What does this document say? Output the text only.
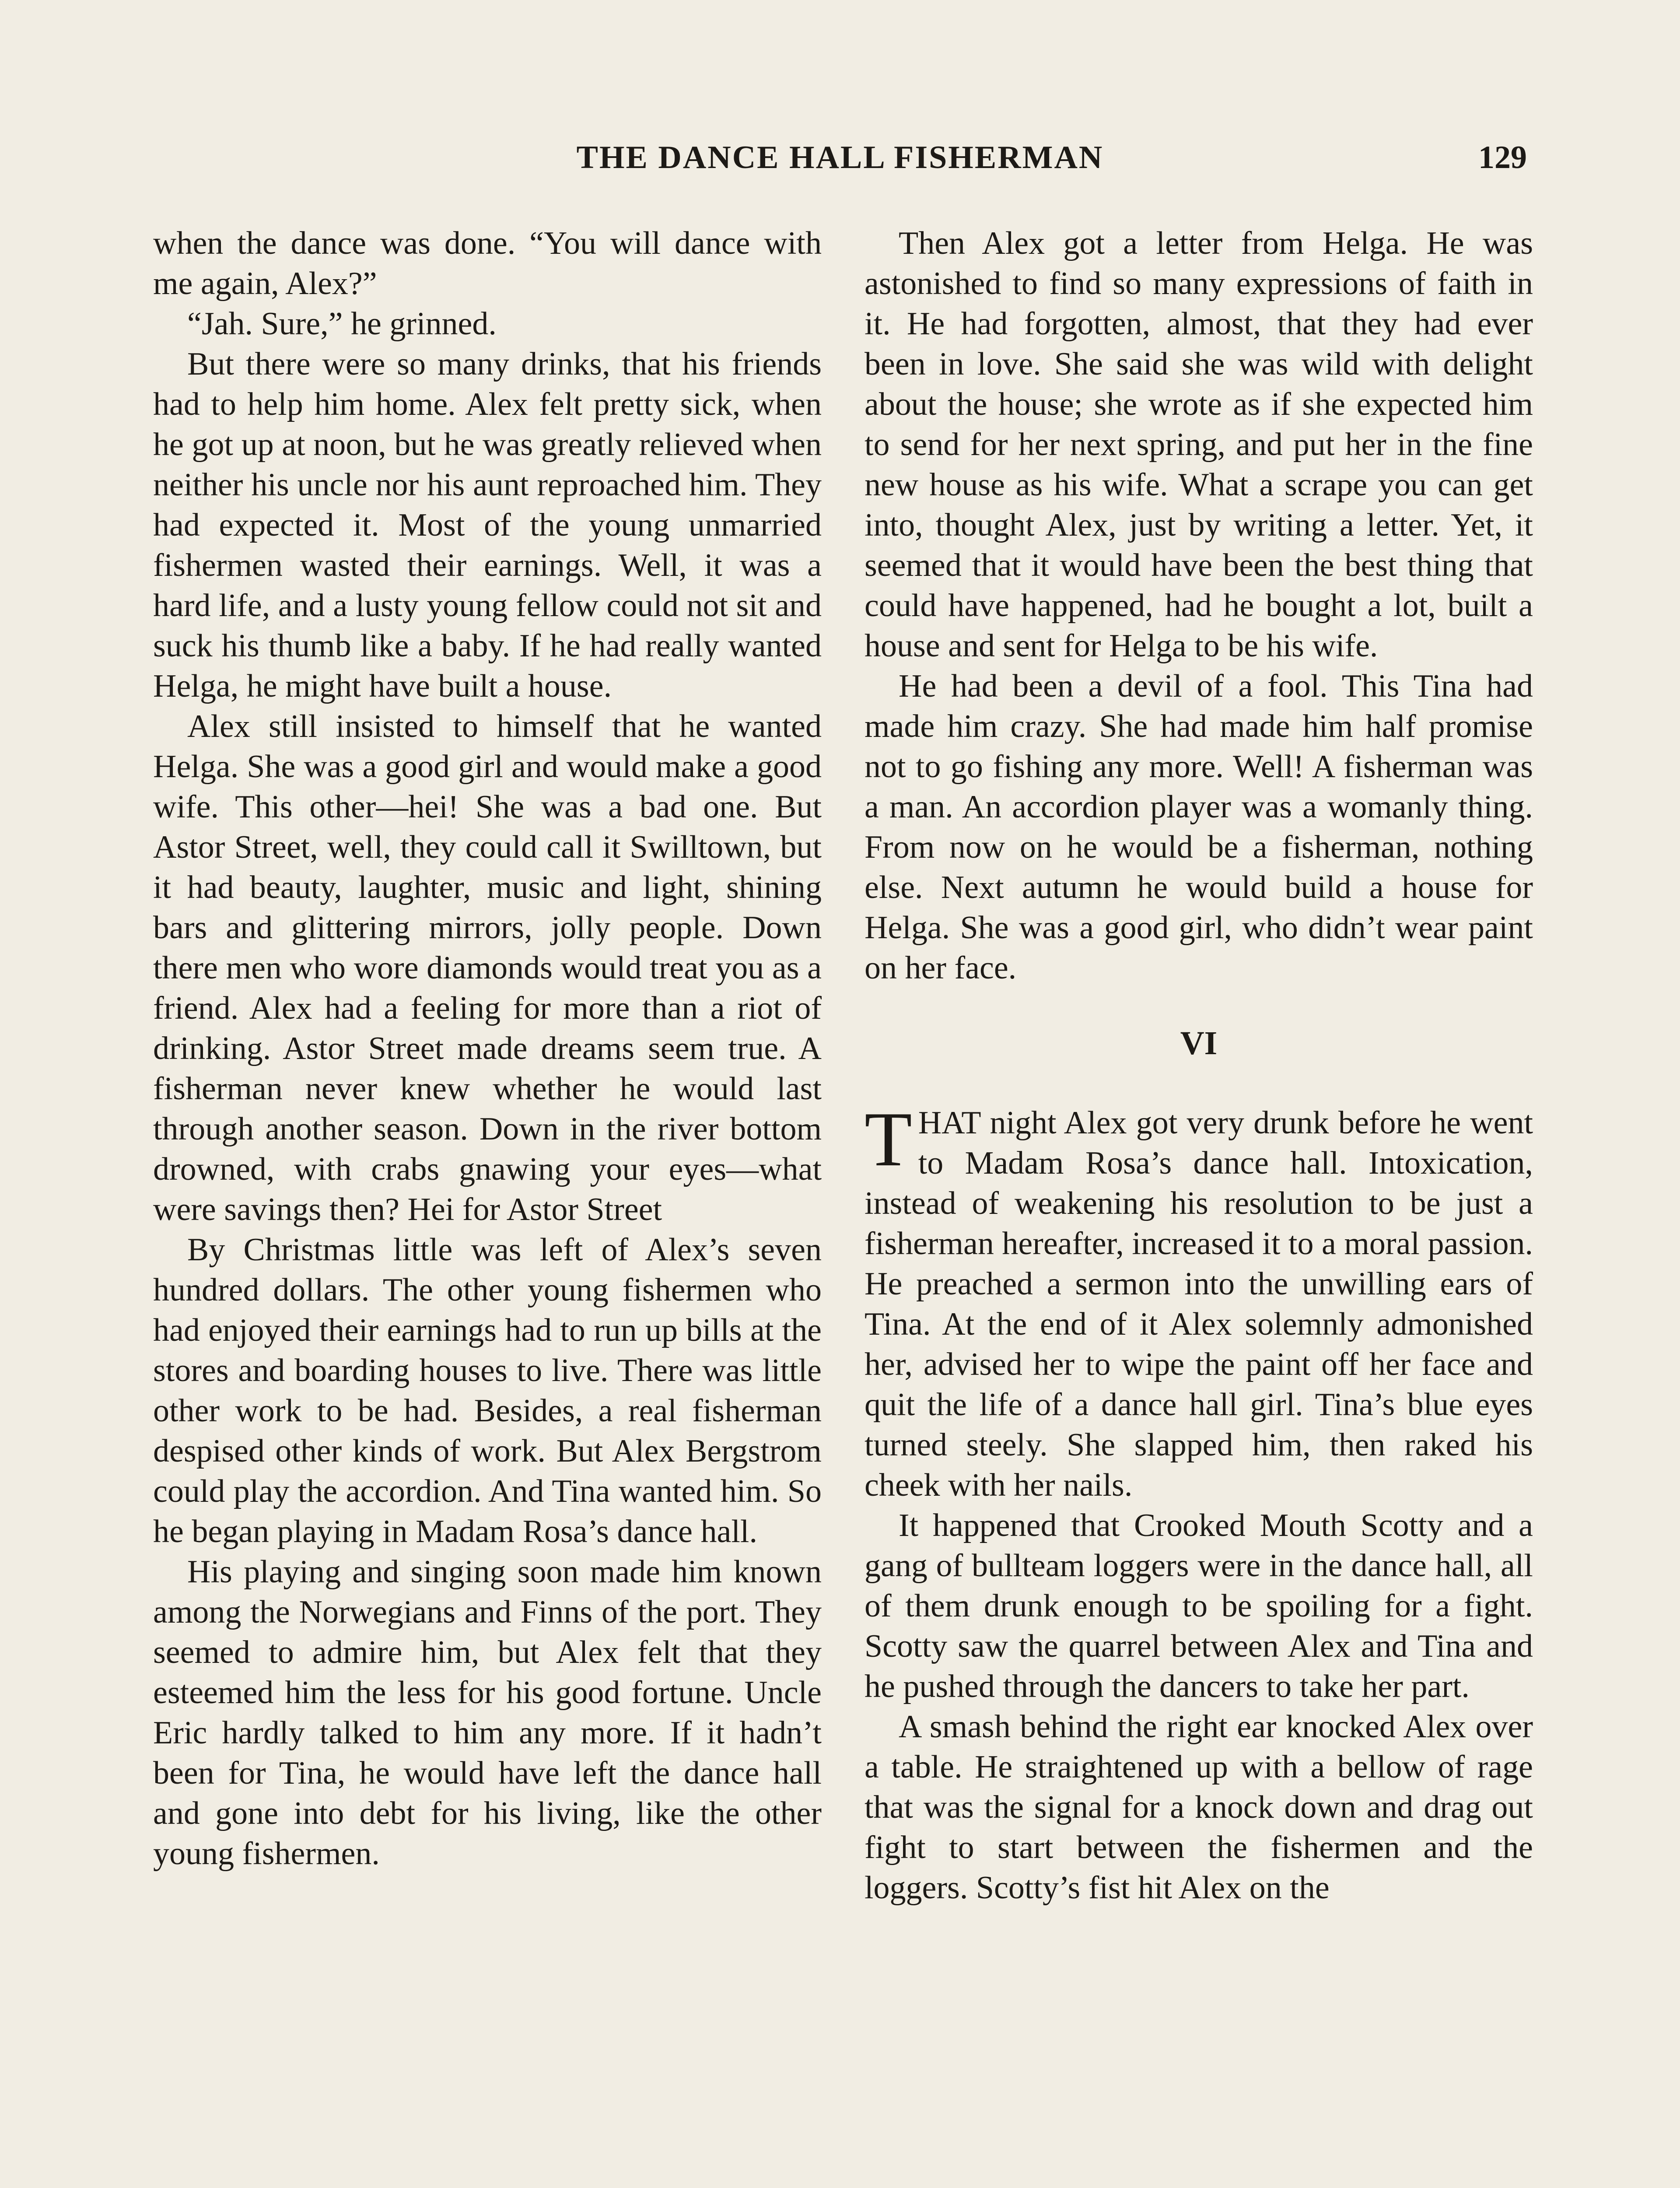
THE DANCE HALL FISHERMAN	129

when the dance was done. “You will dance with me again, Alex?”

“Jah. Sure,” he grinned.

But there were so many drinks, that his friends had to help him home. Alex felt pretty sick, when he got up at noon, but he was greatly relieved when neither his uncle nor his aunt reproached him. They had expected it. Most of the young unmarried fishermen wasted their earnings. Well, it was a hard life, and a lusty young fellow could not sit and suck his thumb like a baby. If he had really wanted Helga, he might have built a house.

Alex still insisted to himself that he wanted Helga. She was a good girl and would make a good wife. This other—hei! She was a bad one. But Astor Street, well, they could call it Swilltown, but it had beauty, laughter, music and light, shining bars and glittering mirrors, jolly people. Down there men who wore diamonds would treat you as a friend. Alex had a feeling for more than a riot of drinking. Astor Street made dreams seem true. A fisherman never knew whether he would last through another season. Down in the river bottom drowned, with crabs gnawing your eyes—what were savings then? Hei for Astor Street

By Christmas little was left of Alex’s seven hundred dollars. The other young fishermen who had enjoyed their earnings had to run up bills at the stores and boarding houses to live. There was little other work to be had. Besides, a real fisherman despised other kinds of work. But Alex Bergstrom could play the accordion. And Tina wanted him. So he began playing in Madam Rosa’s dance hall.

His playing and singing soon made him known among the Norwegians and Finns of the port. They seemed to admire him, but Alex felt that they esteemed him the less for his good fortune. Uncle Eric hardly talked to him any more. If it hadn’t been for Tina, he would have left the dance hall and gone into debt for his living, like the other young fishermen.

Then Alex got a letter from Helga. He was astonished to find so many expressions of faith in it. He had forgotten, almost, that they had ever been in love. She said she was wild with delight about the house; she wrote as if she expected him to send for her next spring, and put her in the fine new house as his wife. What a scrape you can get into, thought Alex, just by writing a letter. Yet, it seemed that it would have been the best thing that could have happened, had he bought a lot, built a house and sent for Helga to be his wife.

He had been a devil of a fool. This Tina had made him crazy. She had made him half promise not to go fishing any more. Well! A fisherman was a man. An accordion player was a womanly thing. From now on he would be a fisherman, nothing else. Next autumn he would build a house for Helga. She was a good girl, who didn’t wear paint on her face.

VI

THAT night Alex got very drunk before he went to Madam Rosa’s dance hall. Intoxication, instead of weakening his resolution to be just a fisherman hereafter, increased it to a moral passion. He preached a sermon into the unwilling ears of Tina. At the end of it Alex solemnly admonished her, advised her to wipe the paint off her face and quit the life of a dance hall girl. Tina’s blue eyes turned steely. She slapped him, then raked his cheek with her nails.

It happened that Crooked Mouth Scotty and a gang of bullteam loggers were in the dance hall, all of them drunk enough to be spoiling for a fight. Scotty saw the quarrel between Alex and Tina and he pushed through the dancers to take her part.

A smash behind the right ear knocked Alex over a table. He straightened up with a bellow of rage that was the signal for a knock down and drag out fight to start between the fishermen and the loggers. Scotty’s fist hit Alex on the
